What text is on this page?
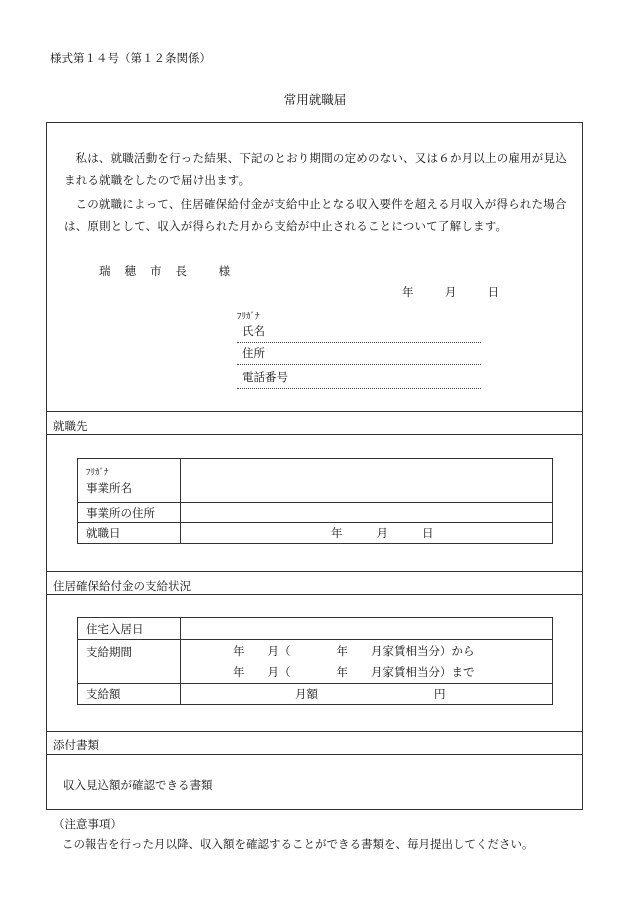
様式第１４号（第１２条関係）
常用就職届
私は、就職活動を行った結果、下記のとおり期間の定めのない、又は６か月以上の雇用が見込まれる就職をしたので届け出ます。
この就職によって、住居確保給付金が支給中止となる収入要件を超える月収入が得られた場合は、原則として、収入が得られた月から支給が中止されることについて了解します。
瑞穂市長 様
年	月	日
ﾌﾘｶﾞﾅ
氏名
住所
電話番号
就職先
ﾌﾘｶﾞﾅ
事業所名	
事業所の住所	
就職日	年 月 日
住居確保給付金の支給状況
住宅入居日	
支給期間	年　　月（　　　　年　　月家賃相当分）から
年　　月（　　　　年　　月家賃相当分）まで

支給額	月額 円
添付書類
収入見込額が確認できる書類
（注意事項）
この報告を行った月以降、収入額を確認することができる書類を、毎月提出してください。
